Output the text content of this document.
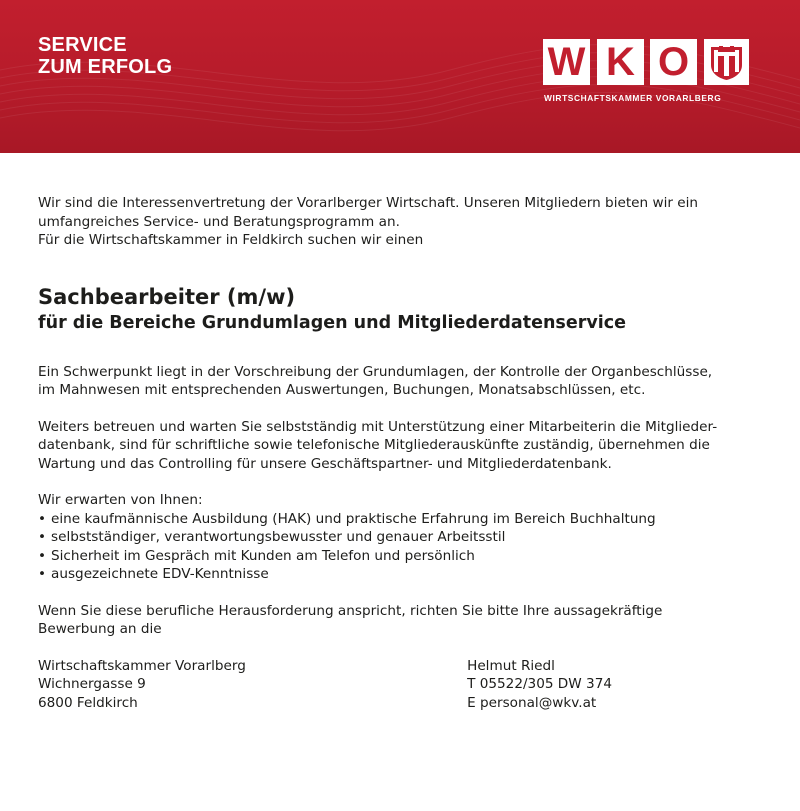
SERVICE
ZUM ERFOLG	W K O
WIRTSCHAFTSKAMMER VORARLBERG

Wir sind die Interessenvertretung der Vorarlberger Wirtschaft. Unseren Mitgliedern bieten wir ein

umfangreiches Service- und Beratungsprogramm an.

Für die Wirtschaftskammer in Feldkirch suchen wir einen

Sachbearbeiter (m/w)
für die Bereiche Grundumlagen und Mitgliederdatenservice

Ein Schwerpunkt liegt in der Vorschreibung der Grundumlagen, der Kontrolle der Organbeschlüsse,

im Mahnwesen mit entsprechenden Auswertungen, Buchungen, Monatsabschlüssen, etc.

Weiters betreuen und warten Sie selbstständig mit Unterstützung einer Mitarbeiterin die Mitglieder-

datenbank, sind für schriftliche sowie telefonische Mitgliederauskünfte zuständig, übernehmen die

Wartung und das Controlling für unsere Geschäftspartner- und Mitgliederdatenbank.

Wir erwarten von Ihnen:

• eine kaufmännische Ausbildung (HAK) und praktische Erfahrung im Bereich Buchhaltung
• selbstständiger, verantwortungsbewusster und genauer Arbeitsstil
• Sicherheit im Gespräch mit Kunden am Telefon und persönlich
• ausgezeichnete EDV-Kenntnisse

Wenn Sie diese berufliche Herausforderung anspricht, richten Sie bitte Ihre aussagekräftige

Bewerbung an die

Wirtschaftskammer Vorarlberg
Wichnergasse 9
6800 Feldkirch
Helmut Riedl
T 05522/305 DW 374
E personal@wkv.at
